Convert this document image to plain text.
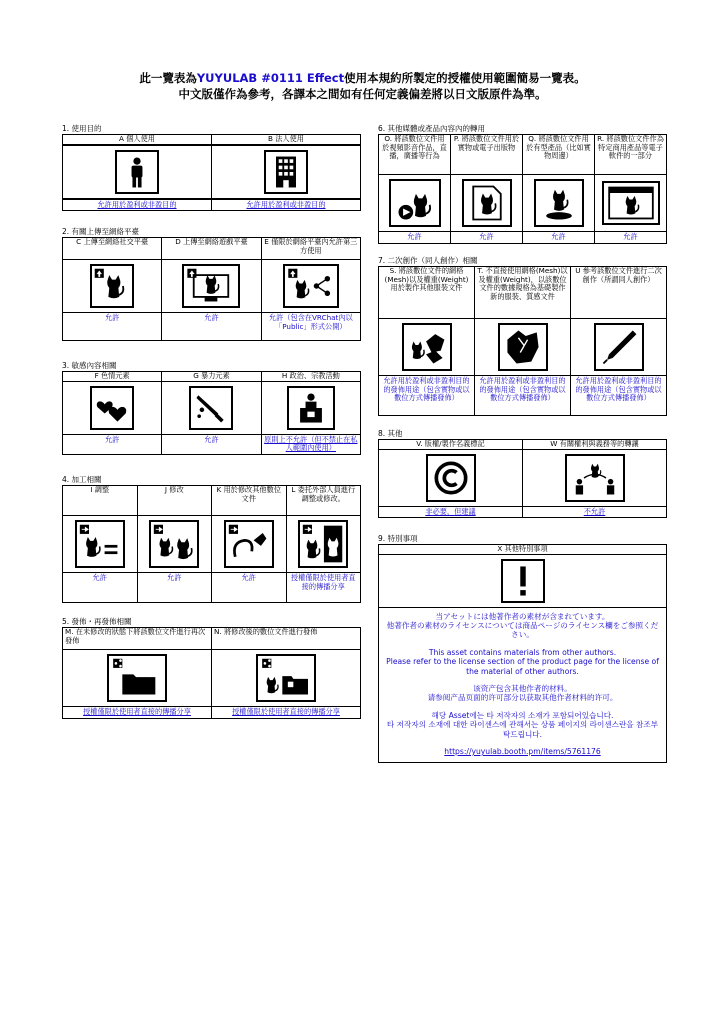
此一覽表為YUYULAB #0111 Effect使用本規約所製定的授權使用範圍簡易一覽表。
中文版僅作為參考，各譯本之間如有任何定義偏差將以日文版原件為準。
1. 使用目的
A 個人使用	B 法人使用

允許用於盈利或非盈目的	允許用於盈利或非盈目的
2. 有關上傳至網絡平臺
C 上傳至網絡社交平臺	D 上傳至網絡遊戲平臺	E 僅限於網絡平臺內允許第三方使用

允許	允許	允許（包含在VRChat內以「Public」形式公開）
3. 敏感內容相關
F 色情元素	G 暴力元素	H 政治、宗教活動

允許	允許	原則上不允許（但不禁止在私人範圍內使用）
4. 加工相關
I 調整	J 修改	K 用於修改其他數位文件	L 委托外部人員進行調整或修改。

允許	允許	允許	授權僅限於使用者直接的傳播分享
5. 發佈・再發佈相關
M. 在未修改的狀態下將該數位文件進行再次發佈	N. 將修改後的數位文件進行發佈

授權僅限於使用者直接的傳播分享	授權僅限於使用者直接的傳播分享
6. 其他媒體或產品內容內的轉用
O. 將該數位文件用於視頻影音作品，直播，廣播等行為	P. 將該數位文件用於實物或電子出版物	Q. 將該數位文件用於有型產品（比如實物周邊）	R. 將該數位文件作為特定商用產品等電子軟件的一部分

允許	允許	允許	允許
7. 二次創作（同人創作）相關
S. 將該數位文件的網格(Mesh)以及權重(Weight)用於製作其他服裝文件	T. 不直接使用網格(Mesh)以及權重(Weight)，以該數位文件的數據規格為基礎製作新的服裝、質感文件	U 參考該數位文件進行二次創作（所謂同人創作）

允許用於盈利或非盈利目的的發佈用途（包含實物或以數位方式傳播發佈）	允許用於盈利或非盈利目的的發佈用途（包含實物或以數位方式傳播發佈）	允許用於盈利或非盈利目的的發佈用途（包含實物或以數位方式傳播發佈）
8. 其他
V. 版權/製作名義標記	W 有關權利與義務等的轉讓

非必要，但建議	不允許
9. 特別事項
X 其他特別事項

当アセットには他著作者の素材が含まれています。
他著作者の素材のライセンスについては商品ページのライセンス欄をご参照ください。

This asset contains materials from other authors.
Please refer to the license section of the product page for the license of the material of other authors.

该资产包含其他作者的材料。
请参阅产品页面的许可部分以获取其他作者材料的许可。

해당 Asset에는 타 저작자의 소재가 포함되어있습니다.
타 저작자의 소재에 대한 라이센스에 관해서는 상품 페이지의 라이센스란을 참조부탁드립니다.

https://yuyulab.booth.pm/items/5761176
